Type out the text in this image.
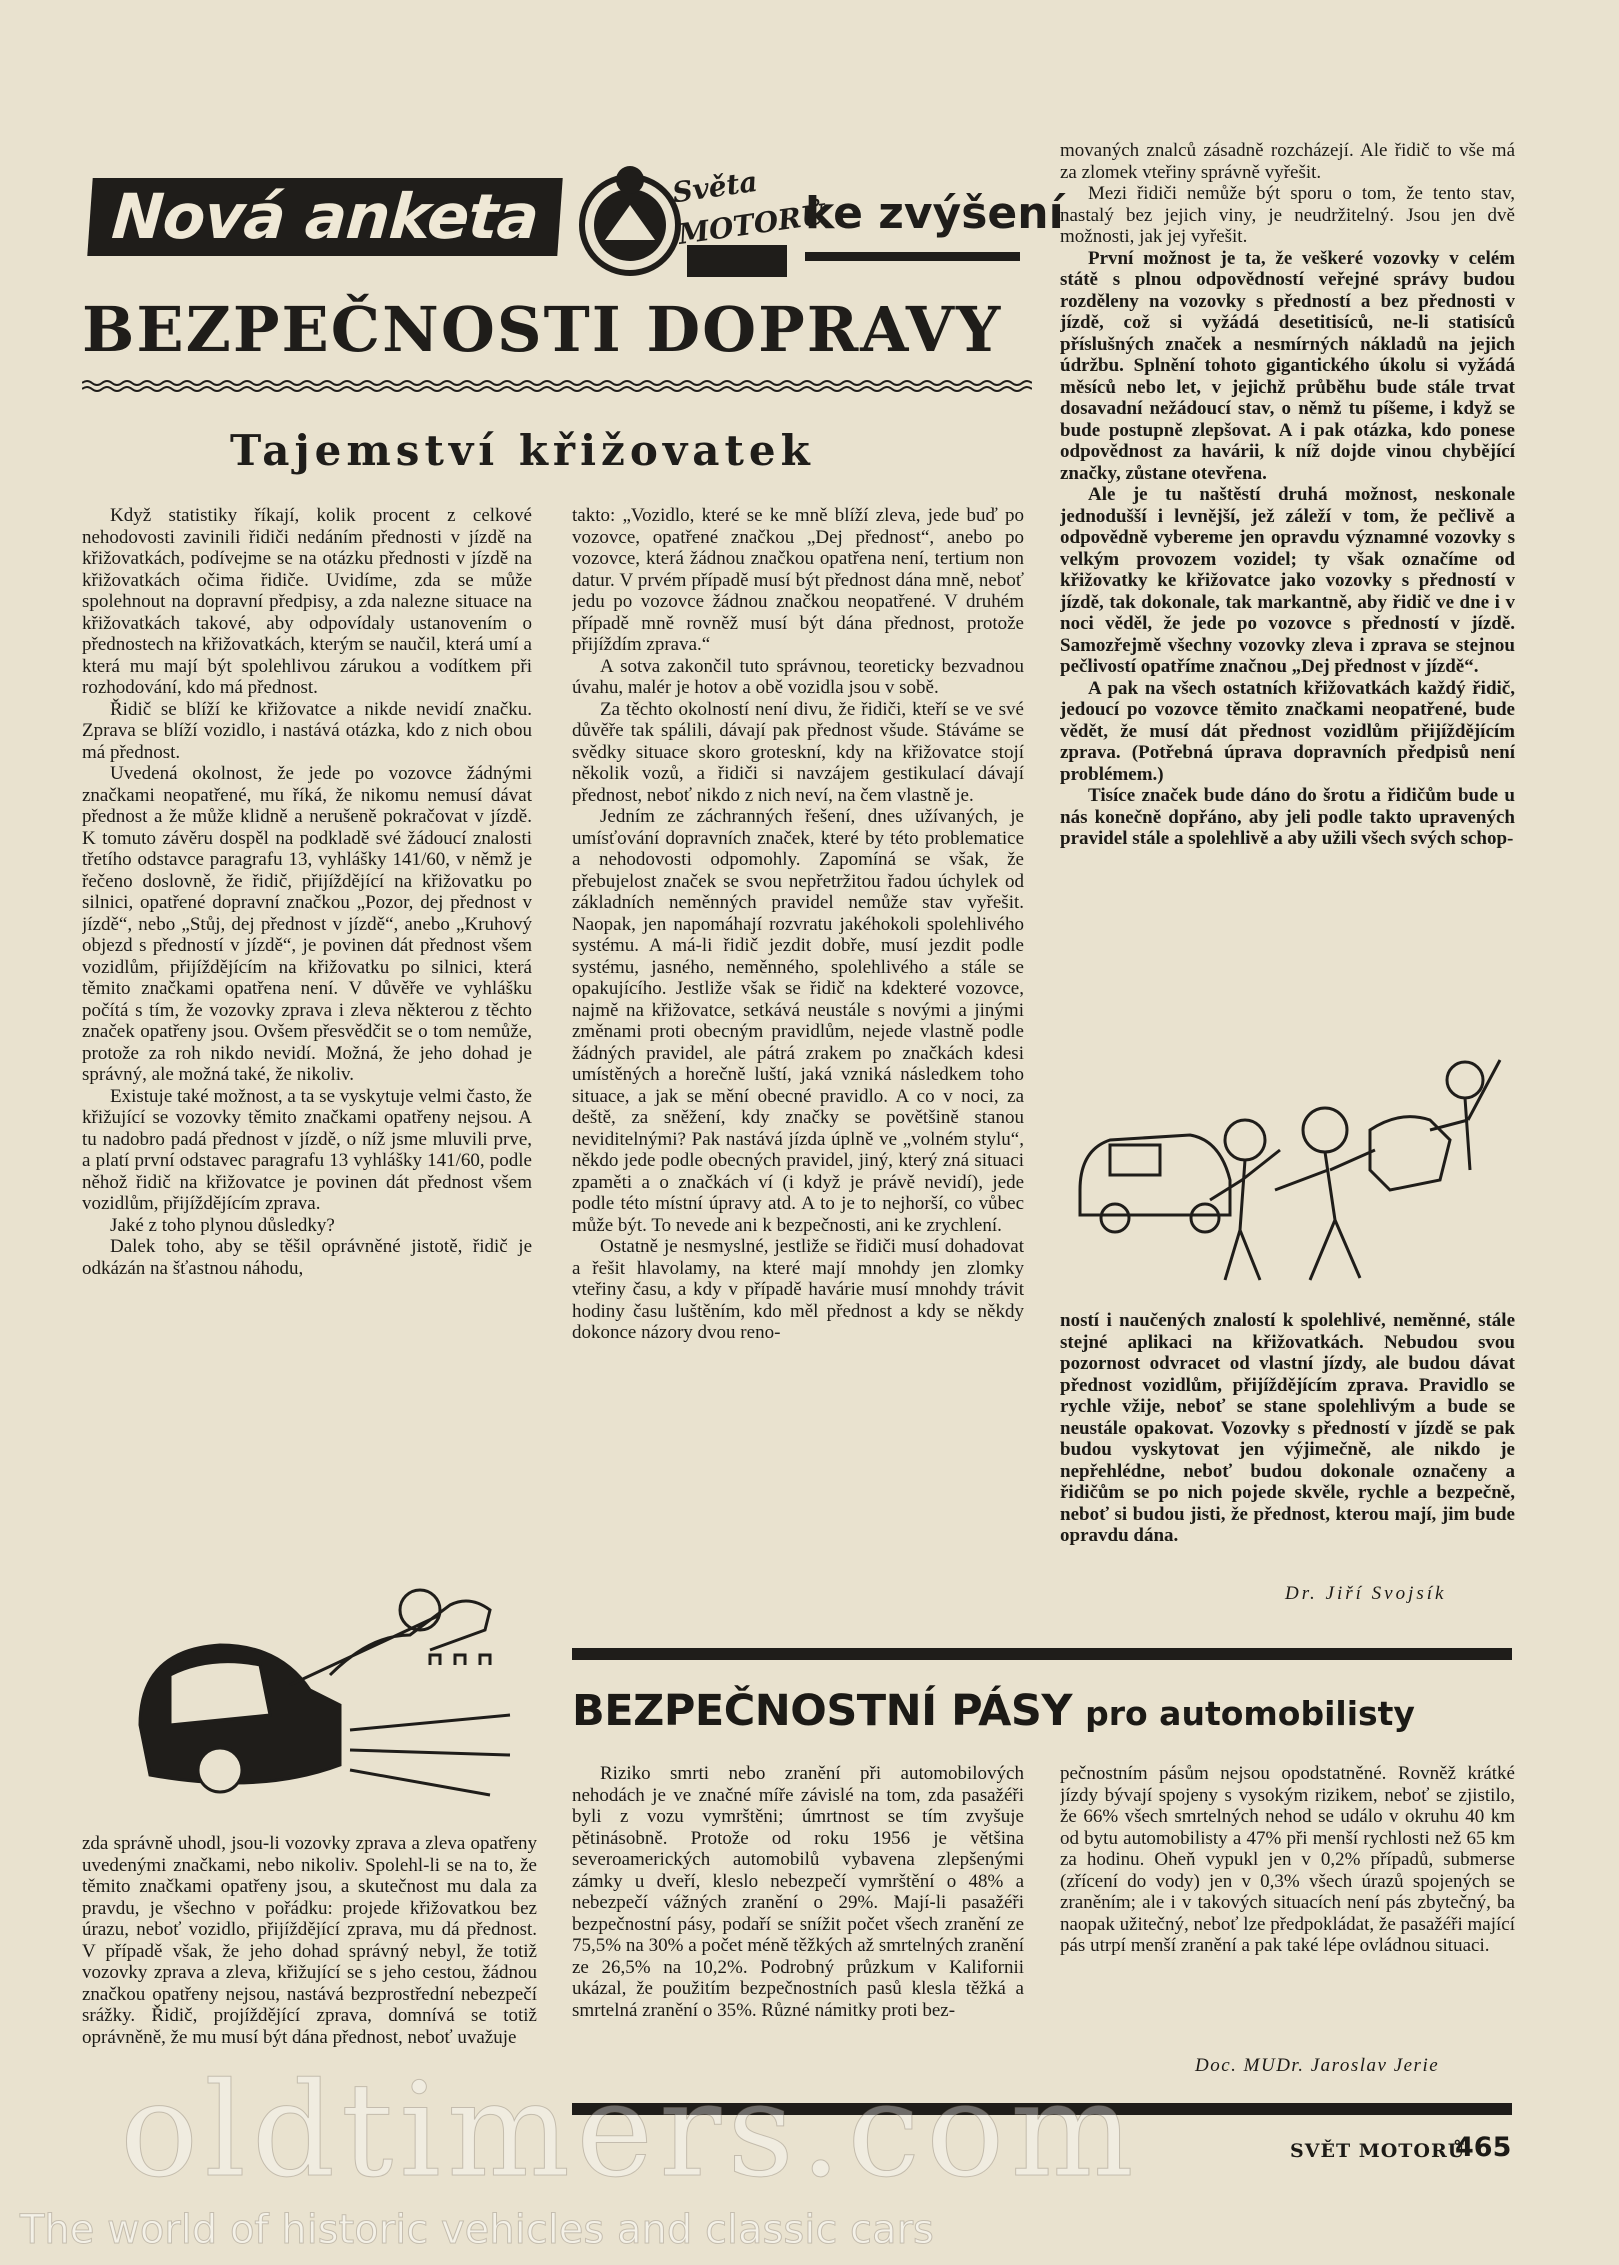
Nová anketa	Světa MOTORŮ
ke zvýšení
BEZPEČNOSTI DOPRAVY
Tajemství křižovatek

Když statistiky říkají, kolik procent z celkové nehodovosti zavinili řidiči nedáním přednosti v jízdě na křižovatkách, podívejme se na otázku přednosti v jízdě na křižovatkách očima řidiče. Uvidíme, zda se může spolehnout na dopravní předpisy, a zda nalezne situace na křižovatkách takové, aby odpovídaly ustanovením o přednostech na křižovatkách, kterým se naučil, která umí a která mu mají být spolehlivou zárukou a vodítkem při rozhodování, kdo má přednost.

Řidič se blíží ke křižovatce a nikde nevidí značku. Zprava se blíží vozidlo, i nastává otázka, kdo z nich obou má přednost.

Uvedená okolnost, že jede po vozovce žádnými značkami neopatřené, mu říká, že nikomu nemusí dávat přednost a že může klidně a nerušeně pokračovat v jízdě. K tomuto závěru dospěl na podkladě své žádoucí znalosti třetího odstavce paragrafu 13, vyhlášky 141/60, v němž je řečeno doslovně, že řidič, přijíždějící na křižovatku po silnici, opatřené dopravní značkou „Pozor, dej přednost v jízdě“, nebo „Stůj, dej přednost v jízdě“, anebo „Kruhový objezd s předností v jízdě“, je povinen dát přednost všem vozidlům, přijíždějícím na křižovatku po silnici, která těmito značkami opatřena není. V důvěře ve vyhlášku počítá s tím, že vozovky zprava i zleva některou z těchto značek opatřeny jsou. Ovšem přesvědčit se o tom nemůže, protože za roh nikdo nevidí. Možná, že jeho dohad je správný, ale možná také, že nikoliv.

Existuje také možnost, a ta se vyskytuje velmi často, že křižující se vozovky těmito značkami opatřeny nejsou. A tu nadobro padá přednost v jízdě, o níž jsme mluvili prve, a platí první odstavec paragrafu 13 vyhlášky 141/60, podle něhož řidič na křižovatce je povinen dát přednost všem vozidlům, přijíždějícím zprava.

Jaké z toho plynou důsledky?

Dalek toho, aby se těšil oprávněné jistotě, řidič je odkázán na šťastnou náhodu,

takto: „Vozidlo, které se ke mně blíží zleva, jede buď po vozovce, opatřené značkou „Dej přednost“, anebo po vozovce, která žádnou značkou opatřena není, tertium non datur. V prvém případě musí být přednost dána mně, neboť jedu po vozovce žádnou značkou neopatřené. V druhém případě mně rovněž musí být dána přednost, protože přijíždím zprava.“

A sotva zakončil tuto správnou, teoreticky bezvadnou úvahu, malér je hotov a obě vozidla jsou v sobě.

Za těchto okolností není divu, že řidiči, kteří se ve své důvěře tak spálili, dávají pak přednost všude. Stáváme se svědky situace skoro groteskní, kdy na křižovatce stojí několik vozů, a řidiči si navzájem gestikulací dávají přednost, neboť nikdo z nich neví, na čem vlastně je.

Jedním ze záchranných řešení, dnes užívaných, je umísťování dopravních značek, které by této problematice a nehodovosti odpomohly. Zapomíná se však, že přebujelost značek se svou nepřetržitou řadou úchylek od základních neměnných pravidel nemůže stav vyřešit. Naopak, jen napomáhají rozvratu jakéhokoli spolehlivého systému. A má-li řidič jezdit dobře, musí jezdit podle systému, jasného, neměnného, spolehlivého a stále se opakujícího. Jestliže však se řidič na kdekteré vozovce, najmě na křižovatce, setkává neustále s novými a jinými změnami proti obecným pravidlům, nejede vlastně podle žádných pravidel, ale pátrá zrakem po značkách kdesi umístěných a horečně luští, jaká vzniká následkem toho situace, a jak se mění obecné pravidlo. A co v noci, za deště, za sněžení, kdy značky se povětšině stanou neviditelnými? Pak nastává jízda úplně ve „volném stylu“, někdo jede podle obecných pravidel, jiný, který zná situaci zpaměti a o značkách ví (i když je právě nevidí), jede podle této místní úpravy atd. A to je to nejhorší, co vůbec může být. To nevede ani k bezpečnosti, ani ke zrychlení.

Ostatně je nesmyslné, jestliže se řidiči musí dohadovat a řešit hlavolamy, na které mají mnohdy jen zlomky vteřiny času, a kdy v případě havárie musí mnohdy trávit hodiny času luštěním, kdo měl přednost a kdy se někdy dokonce názory dvou reno-

movaných znalců zásadně rozcházejí. Ale řidič to vše má za zlomek vteřiny správně vyřešit.

Mezi řidiči nemůže být sporu o tom, že tento stav, nastalý bez jejich viny, je neudržitelný. Jsou jen dvě možnosti, jak jej vyřešit.

První možnost je ta, že veškeré vozovky v celém státě s plnou odpovědností veřejné správy budou rozděleny na vozovky s předností a bez přednosti v jízdě, což si vyžádá desetitisíců, ne-li statisíců příslušných značek a nesmírných nákladů na jejich údržbu. Splnění tohoto gigantického úkolu si vyžádá měsíců nebo let, v jejichž průběhu bude stále trvat dosavadní nežádoucí stav, o němž tu píšeme, i když se bude postupně zlepšovat. A i pak otázka, kdo ponese odpovědnost za havárii, k níž dojde vinou chybějící značky, zůstane otevřena.

Ale je tu naštěstí druhá možnost, neskonale jednodušší i levnější, jež záleží v tom, že pečlivě a odpovědně vybereme jen opravdu významné vozovky s velkým provozem vozidel; ty však označíme od křižovatky ke křižovatce jako vozovky s předností v jízdě, tak dokonale, tak markantně, aby řidič ve dne i v noci věděl, že jede po vozovce s předností v jízdě. Samozřejmě všechny vozovky zleva i zprava se stejnou pečlivostí opatříme značnou „Dej přednost v jízdě“.

A pak na všech ostatních křižovatkách každý řidič, jedoucí po vozovce těmito značkami neopatřené, bude vědět, že musí dát přednost vozidlům přijíždějícím zprava. (Potřebná úprava dopravních předpisů není problémem.)

Tisíce značek bude dáno do šrotu a řidičům bude u nás konečně dopřáno, aby jeli podle takto upravených pravidel stále a spolehlivě a aby užili všech svých schop-

ností i naučených znalostí k spolehlivé, neměnné, stále stejné aplikaci na křižovatkách. Nebudou svou pozornost odvracet od vlastní jízdy, ale budou dávat přednost vozidlům, přijíždějícím zprava. Pravidlo se rychle vžije, neboť se stane spolehlivým a bude se neustále opakovat. Vozovky s předností v jízdě se pak budou vyskytovat jen výjimečně, ale nikdo je nepřehlédne, neboť budou dokonale označeny a řidičům se po nich pojede skvěle, rychle a bezpečně, neboť si budou jisti, že přednost, kterou mají, jim bude opravdu dána.

Dr. Jiří Svojsík

zda správně uhodl, jsou-li vozovky zprava a zleva opatřeny uvedenými značkami, nebo nikoliv. Spolehl-li se na to, že těmito značkami opatřeny jsou, a skutečnost mu dala za pravdu, je všechno v pořádku: projede křižovatkou bez úrazu, neboť vozidlo, přijíždějící zprava, mu dá přednost. V případě však, že jeho dohad správný nebyl, že totiž vozovky zprava a zleva, křižující se s jeho cestou, žádnou značkou opatřeny nejsou, nastává bezprostřední nebezpečí srážky. Řidič, projíždějící zprava, domnívá se totiž oprávněně, že mu musí být dána přednost, neboť uvažuje

BEZPEČNOSTNÍ PÁSY pro automobilisty

Riziko smrti nebo zranění při automobilových nehodách je ve značné míře závislé na tom, zda pasažéři byli z vozu vymrštěni; úmrtnost se tím zvyšuje pětinásobně. Protože od roku 1956 je většina severoamerických automobilů vybavena zlepšenými zámky u dveří, kleslo nebezpečí vymrštění o 48% a nebezpečí vážných zranění o 29%. Mají-li pasažéři bezpečnostní pásy, podaří se snížit počet všech zranění ze 75,5% na 30% a počet méně těžkých až smrtelných zranění ze 26,5% na 10,2%. Podrobný průzkum v Kalifornii ukázal, že použitím bezpečnostních pasů klesla těžká a smrtelná zranění o 35%. Různé námitky proti bez-

pečnostním pásům nejsou opodstatněné. Rovněž krátké jízdy bývají spojeny s vysokým rizikem, neboť se zjistilo, že 66% všech smrtelných nehod se událo v okruhu 40 km od bytu automobilisty a 47% při menší rychlosti než 65 km za hodinu. Oheň vypukl jen v 0,2% případů, submerse (zřícení do vody) jen v 0,3% všech úrazů spojených se zraněním; ale i v takových situacích není pás zbytečný, ba naopak užitečný, neboť lze předpokládat, že pasažéři mající pás utrpí menší zranění a pak také lépe ovládnou situaci.

Doc. MUDr. Jaroslav Jerie
SVĚT MOTORŮ
465
oldtimers.com
The world of historic vehicles and classic cars
